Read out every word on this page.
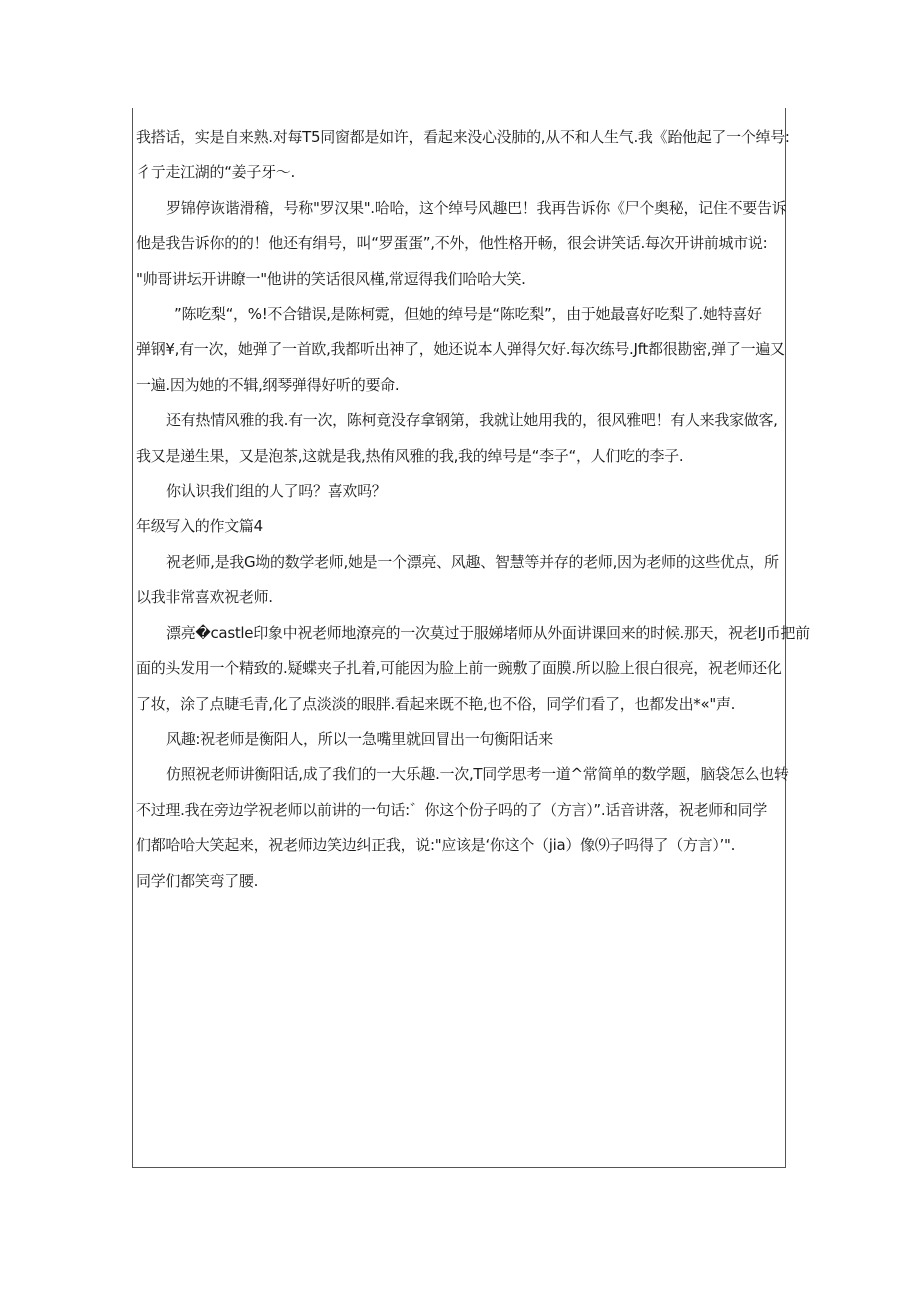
我搭话，实是自来熟.对每T5同窗都是如许，看起来没心没肺的,从不和人生气.我《跆他起了一个绰号:
彳亍走江湖的“姜子牙〜.
罗锦停诙谐滑稽，号称"罗汉果".哈哈，这个绰号风趣巴！我再告诉你《尸个奥秘，记住不要告诉
他是我告诉你的的！他还有绢号，叫“罗蛋蛋”,不外，他性格开畅，很会讲笑话.每次开讲前城市说:
"帅哥讲坛开讲瞭一"他讲的笑话很风槿,常逗得我们哈哈大笑.
”陈吃梨“，%!不合错误,是陈柯霓，但她的绰号是“陈吃梨”，由于她最喜好吃梨了.她特喜好
弹钢¥,有一次，她弹了一首欧,我都听出神了，她还说本人弹得欠好.每次练号.Jft都很勘密,弹了一遍又
一遍.因为她的不辑,纲琴弹得好听的要命.
还有热情风雅的我.有一次，陈柯竟没存拿钢第，我就让她用我的，很风雅吧！有人来我家做客,
我又是递生果，又是泡茶,这就是我,热侑风雅的我,我的绰号是“李子“，人们吃的李子.
你认识我们组的人了吗？喜欢吗？
年级写入的作文篇4
祝老师,是我G坳的数学老师,她是一个漂亮、风趣、智慧等并存的老师,因为老师的这些优点，所
以我非常喜欢祝老师.
漂亮�castle印象中祝老师地潦亮的一次莫过于服娣堵师从外面讲课回来的时候.那天，祝老IJ币把前
面的头发用一个精致的.疑蝶夹子扎着,可能因为脸上前一豌敷了面膜.所以脸上很白很亮，祝老师还化
了妆，涂了点睫毛青,化了点淡淡的眼胖.看起来既不艳,也不俗，同学们看了，也都发出*«"声.
风趣:祝老师是衡阳人，所以一急嘴里就回冒出一句衡阳话来
仿照祝老师讲衡阳话,成了我们的一大乐趣.一次,T同学思考一道^常简单的数学题，脑袋怎么也转
不过理.我在旁边学祝老师以前讲的一句话:゛你这个份子吗的了（方言）”.话音讲落，祝老师和同学
们都哈哈大笑起来，祝老师边笑边纠正我，说:"应该是‘你这个（jia）像⑼子吗得了（方言）’".
同学们都笑弯了腰.
